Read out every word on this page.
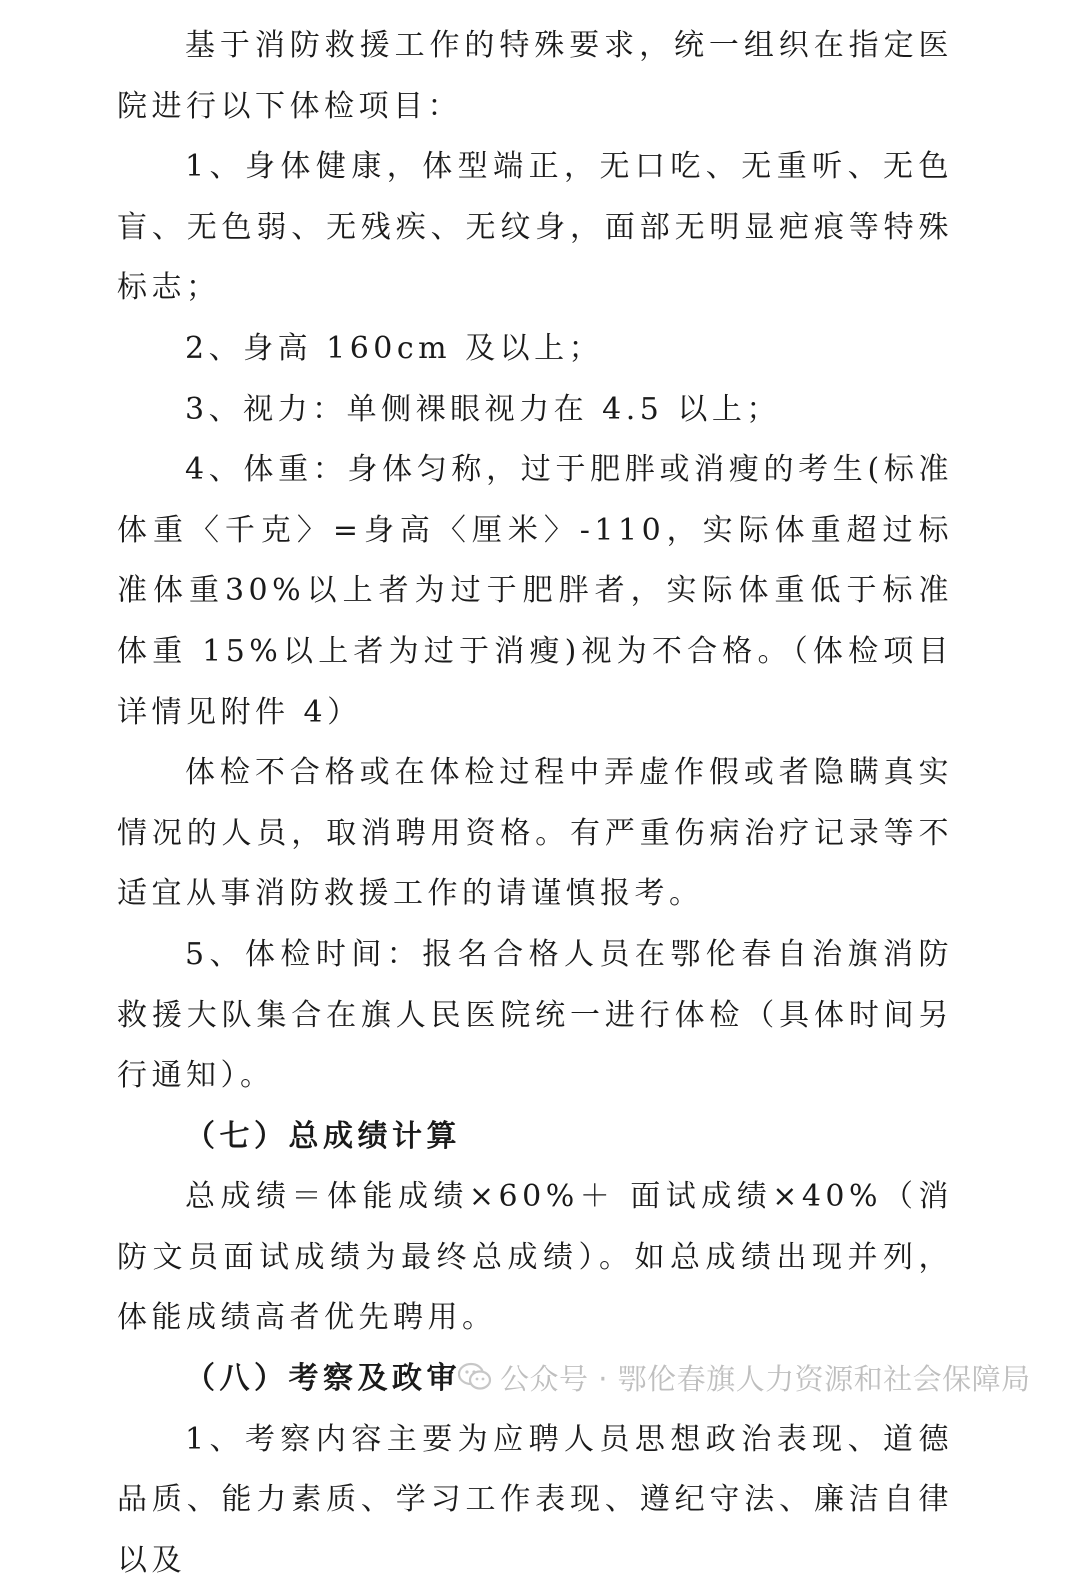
基于消防救援工作的特殊要求，统一组织在指定医院进行以下体检项目：

1、身体健康，体型端正，无口吃、无重听、无色盲、无色弱、无残疾、无纹身，面部无明显疤痕等特殊标志；

2、身高 160cm 及以上；

3、视力：单侧裸眼视力在 4.5 以上；

4、体重：身体匀称，过于肥胖或消瘦的考生(标准体重〈千克〉=身高〈厘米〉-110，实际体重超过标准体重30%以上者为过于肥胖者，实际体重低于标准体重 15%以上者为过于消瘦)视为不合格。（体检项目详情见附件 4）

体检不合格或在体检过程中弄虚作假或者隐瞒真实情况的人员，取消聘用资格。有严重伤病治疗记录等不适宜从事消防救援工作的请谨慎报考。

5、体检时间：报名合格人员在鄂伦春自治旗消防救援大队集合在旗人民医院统一进行体检（具体时间另行通知）。

（七）总成绩计算

总成绩＝体能成绩×60%＋ 面试成绩×40%（消防文员面试成绩为最终总成绩）。如总成绩出现并列，体能成绩高者优先聘用。

（八）考察及政审

1、考察内容主要为应聘人员思想政治表现、道德品质、能力素质、学习工作表现、遵纪守法、廉洁自律以及

公众号 · 鄂伦春旗人力资源和社会保障局
